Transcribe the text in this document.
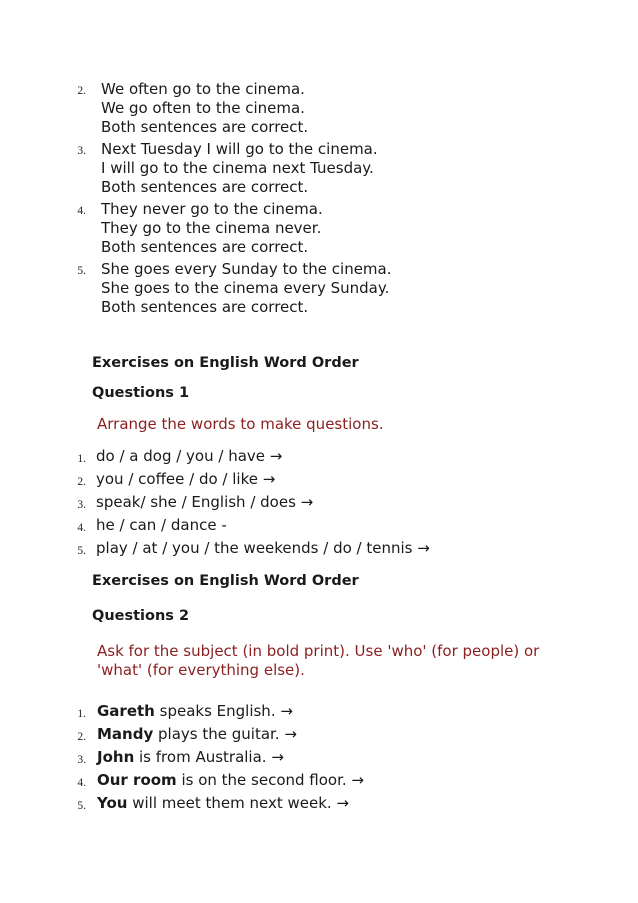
2. We often go to the cinema.
We go often to the cinema.
Both sentences are correct.
3. Next Tuesday I will go to the cinema.
I will go to the cinema next Tuesday.
Both sentences are correct.
4. They never go to the cinema.
They go to the cinema never.
Both sentences are correct.
5. She goes every Sunday to the cinema.
She goes to the cinema every Sunday.
Both sentences are correct.
Exercises on English Word Order
Questions 1
Arrange the words to make questions.
1. do / a dog / you / have →
2. you / coffee / do / like →
3. speak/ she / English / does →
4. he / can / dance -
5. play / at / you / the weekends / do / tennis →
Exercises on English Word Order
Questions 2
Ask for the subject (in bold print). Use 'who' (for people) or
'what' (for everything else).
1. Gareth speaks English. →
2. Mandy plays the guitar. →
3. John is from Australia. →
4. Our room is on the second floor. →
5. You will meet them next week. →
